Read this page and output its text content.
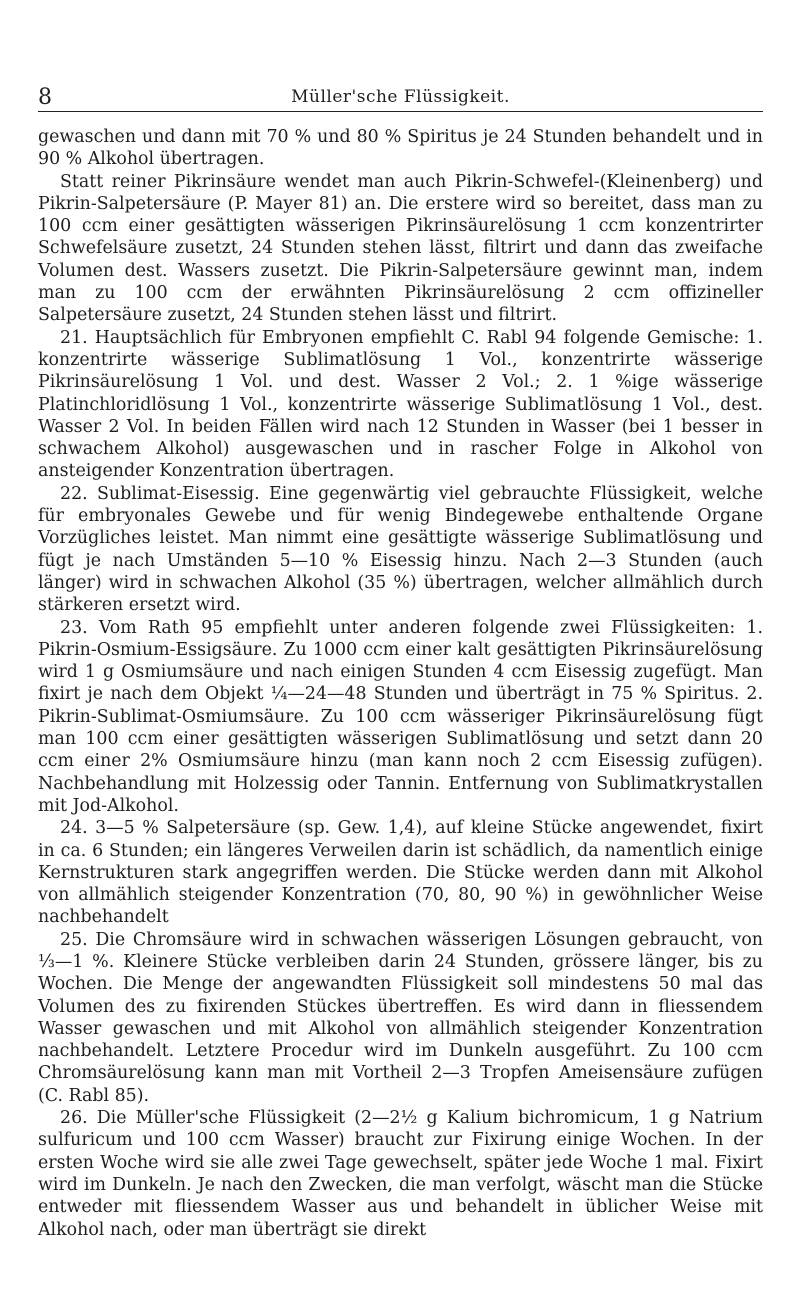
8	Müller'sche Flüssigkeit.

gewaschen und dann mit 70 % und 80 % Spiritus je 24 Stunden behandelt und in 90 % Alkohol übertragen.

Statt reiner Pikrinsäure wendet man auch Pikrin-Schwefel-(Kleinenberg) und Pikrin-Salpetersäure (P. Mayer 81) an. Die erstere wird so bereitet, dass man zu 100 ccm einer gesättigten wässerigen Pikrinsäurelösung 1 ccm konzentrirter Schwefelsäure zusetzt, 24 Stunden stehen lässt, filtrirt und dann das zweifache Volumen dest. Wassers zusetzt. Die Pikrin-Salpetersäure gewinnt man, indem man zu 100 ccm der erwähnten Pikrinsäurelösung 2 ccm offizineller Salpetersäure zusetzt, 24 Stunden stehen lässt und filtrirt.

21. Hauptsächlich für Embryonen empfiehlt C. Rabl 94 folgende Gemische: 1. konzentrirte wässerige Sublimatlösung 1 Vol., konzentrirte wässerige Pikrinsäurelösung 1 Vol. und dest. Wasser 2 Vol.; 2. 1 %ige wässerige Platinchloridlösung 1 Vol., konzentrirte wässerige Sublimatlösung 1 Vol., dest. Wasser 2 Vol. In beiden Fällen wird nach 12 Stunden in Wasser (bei 1 besser in schwachem Alkohol) ausgewaschen und in rascher Folge in Alkohol von ansteigender Konzentration übertragen.

22. Sublimat-Eisessig. Eine gegenwärtig viel gebrauchte Flüssigkeit, welche für embryonales Gewebe und für wenig Bindegewebe enthaltende Organe Vorzügliches leistet. Man nimmt eine gesättigte wässerige Sublimatlösung und fügt je nach Umständen 5—10 % Eisessig hinzu. Nach 2—3 Stunden (auch länger) wird in schwachen Alkohol (35 %) übertragen, welcher allmählich durch stärkeren ersetzt wird.

23. Vom Rath 95 empfiehlt unter anderen folgende zwei Flüssigkeiten: 1. Pikrin-Osmium-Essigsäure. Zu 1000 ccm einer kalt gesättigten Pikrinsäurelösung wird 1 g Osmiumsäure und nach einigen Stunden 4 ccm Eisessig zugefügt. Man fixirt je nach dem Objekt ¼—24—48 Stunden und überträgt in 75 % Spiritus. 2. Pikrin-Sublimat-Osmiumsäure. Zu 100 ccm wässeriger Pikrinsäurelösung fügt man 100 ccm einer gesättigten wässerigen Sublimatlösung und setzt dann 20 ccm einer 2% Osmiumsäure hinzu (man kann noch 2 ccm Eisessig zufügen). Nachbehandlung mit Holzessig oder Tannin. Entfernung von Sublimatkrystallen mit Jod-Alkohol.

24. 3—5 % Salpetersäure (sp. Gew. 1,4), auf kleine Stücke angewendet, fixirt in ca. 6 Stunden; ein längeres Verweilen darin ist schädlich, da namentlich einige Kernstrukturen stark angegriffen werden. Die Stücke werden dann mit Alkohol von allmählich steigender Konzentration (70, 80, 90 %) in gewöhnlicher Weise nachbehandelt

25. Die Chromsäure wird in schwachen wässerigen Lösungen gebraucht, von ⅓—1 %. Kleinere Stücke verbleiben darin 24 Stunden, grössere länger, bis zu Wochen. Die Menge der angewandten Flüssigkeit soll mindestens 50 mal das Volumen des zu fixirenden Stückes übertreffen. Es wird dann in fliessendem Wasser gewaschen und mit Alkohol von allmählich steigender Konzentration nachbehandelt. Letztere Procedur wird im Dunkeln ausgeführt. Zu 100 ccm Chromsäurelösung kann man mit Vortheil 2—3 Tropfen Ameisensäure zufügen (C. Rabl 85).

26. Die Müller'sche Flüssigkeit (2—2½ g Kalium bichromicum, 1 g Natrium sulfuricum und 100 ccm Wasser) braucht zur Fixirung einige Wochen. In der ersten Woche wird sie alle zwei Tage gewechselt, später jede Woche 1 mal. Fixirt wird im Dunkeln. Je nach den Zwecken, die man verfolgt, wäscht man die Stücke entweder mit fliessendem Wasser aus und behandelt in üblicher Weise mit Alkohol nach, oder man überträgt sie direkt
